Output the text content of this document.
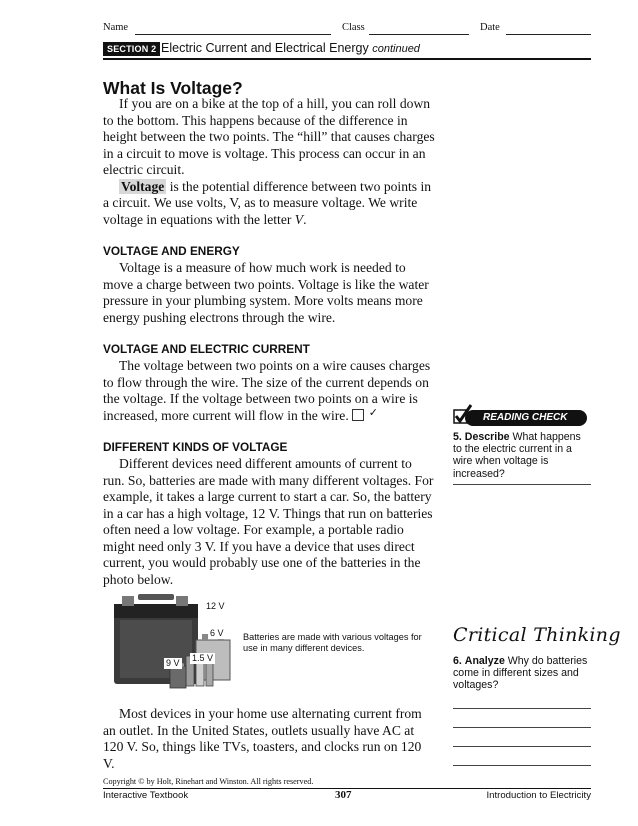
Name	Class	Date
SECTION 2 Electric Current and Electrical Energy continued
What Is Voltage?

If you are on a bike at the top of a hill, you can roll down to the bottom. This happens because of the difference in height between the two points. The “hill” that causes charges in a circuit to move is voltage. This process can occur in an electric circuit.

Voltage is the potential difference between two points in a circuit. We use volts, V, as to measure voltage. We write voltage in equations with the letter V.

VOLTAGE AND ENERGY

Voltage is a measure of how much work is needed to move a charge between two points. Voltage is like the water pressure in your plumbing system. More volts means more energy pushing electrons through the wire.

VOLTAGE AND ELECTRIC CURRENT

The voltage between two points on a wire causes charges to flow through the wire. The size of the current depends on the voltage. If the voltage between two points on a wire is increased, more current will flow in the wire.✓

DIFFERENT KINDS OF VOLTAGE

Different devices need different amounts of current to run. So, batteries are made with many different voltages. For example, it takes a large current to start a car. So, the battery in a car has a high voltage, 12 V. Things that run on batteries often need a low voltage. For example, a portable radio might need only 3 V. If you have a device that uses direct current, you would probably use one of the batteries in the photo below.

12 V
6 V
1.5 V
9 V
Batteries are made with various voltages for use in many different devices.

Most devices in your home use alternating current from an outlet. In the United States, outlets usually have AC at 120 V. So, things like TVs, toasters, and clocks run on 120 V.

READING CHECK
5. Describe What happens to the electric current in a wire when voltage is increased?
Critical Thinking
6. Analyze Why do batteries come in different sizes and voltages?
Copyright © by Holt, Rinehart and Winston. All rights reserved.
Interactive Textbook	307	Introduction to Electricity
